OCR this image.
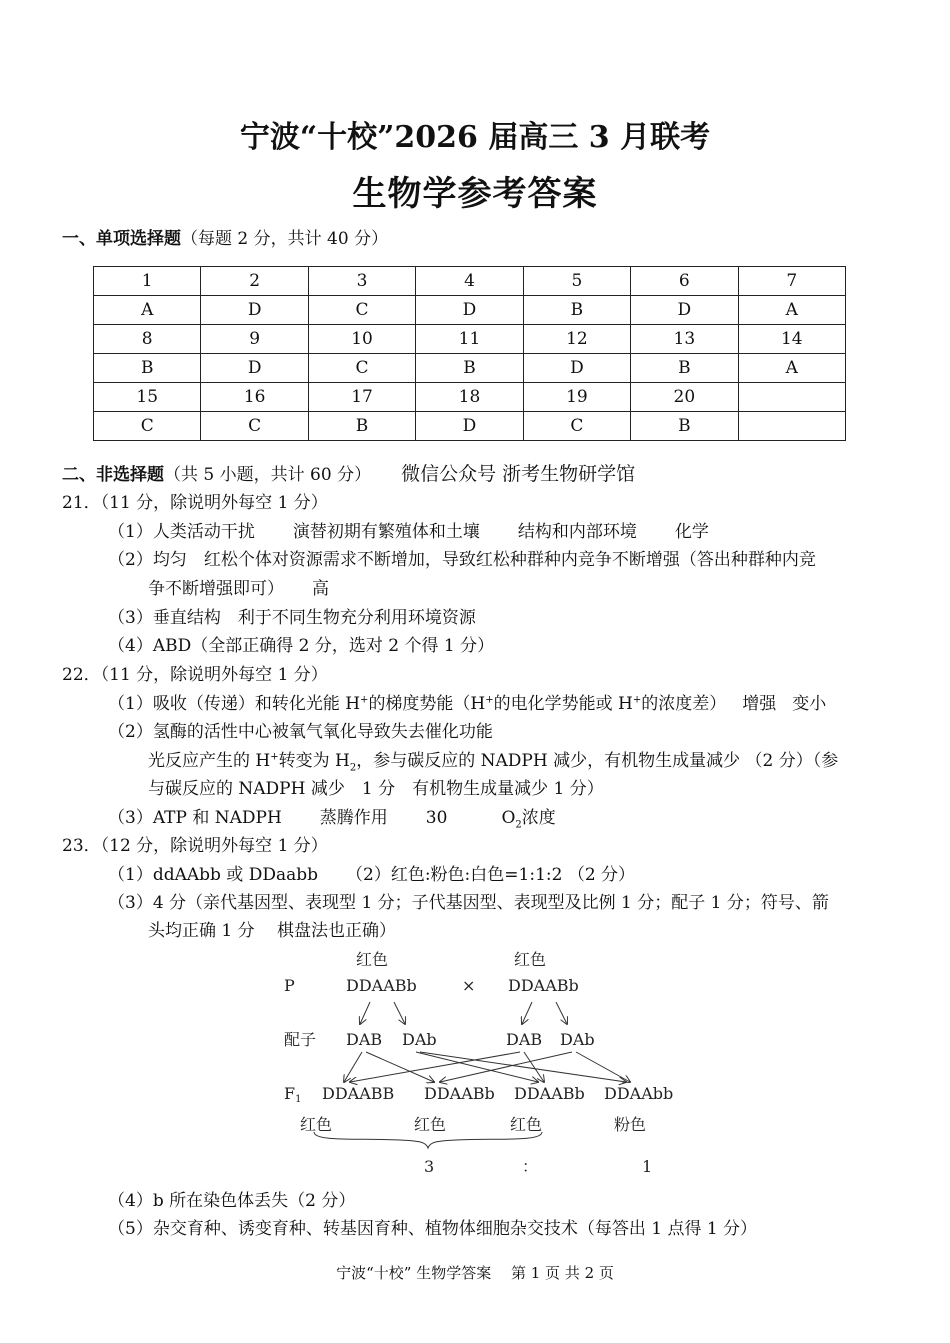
宁波“十校”2026 届高三 3 月联考
生物学参考答案
一、单项选择题（每题 2 分，共计 40 分）
1	2	3	4	5	6	7
A	D	C	D	B	D	A
8	9	10	11	12	13	14
B	D	C	B	D	B	A
15	16	17	18	19	20	
C	C	B	D	C	B	
二、非选择题（共 5 小题，共计 60 分） 微信公众号 浙考生物研学馆
21．（11 分，除说明外每空 1 分）
（1）人类活动干扰 演替初期有繁殖体和土壤 结构和内部环境 化学
（2）均匀　红松个体对资源需求不断增加，导致红松种群种内竞争不断增强（答出种群种内竞
争不断增强即可） 高
（3）垂直结构　利于不同生物充分利用环境资源
（4）ABD（全部正确得 2 分，选对 2 个得 1 分）
22．（11 分，除说明外每空 1 分）
（1）吸收（传递）和转化光能 H+的梯度势能（H+的电化学势能或 H+的浓度差） 增强 变小
（2）氢酶的活性中心被氧气氧化导致失去催化功能
光反应产生的 H+转变为 $H_2$，参与碳反应的 NADPH 减少，有机物生成量减少 （2 分）（参
与碳反应的 NADPH 减少　1 分　有机物生成量减少 1 分）
（3）ATP 和 NADPH 蒸腾作用 30	$O_2$浓度
23．（12 分，除说明外每空 1 分）
（1）ddAAbb 或 DDaabb （2）红色:粉色:白色=1:1:2 （2 分）
（3）4 分（亲代基因型、表现型 1 分；子代基因型、表现型及比例 1 分；配子 1 分；符号、箭
头均正确 1 分　 棋盘法也正确）
红色	红色
P	DDAABb	× DDAABb
配子 DAB DAb	DAB DAb
F1 DDAABB DDAABb DDAABb DDAAbb
红色	红色	红色	粉色
3	：	1
（4）b 所在染色体丢失（2 分）
（5）杂交育种、诱变育种、转基因育种、植物体细胞杂交技术（每答出 1 点得 1 分）
宁波“十校” 生物学答案　 第 1 页 共 2 页
